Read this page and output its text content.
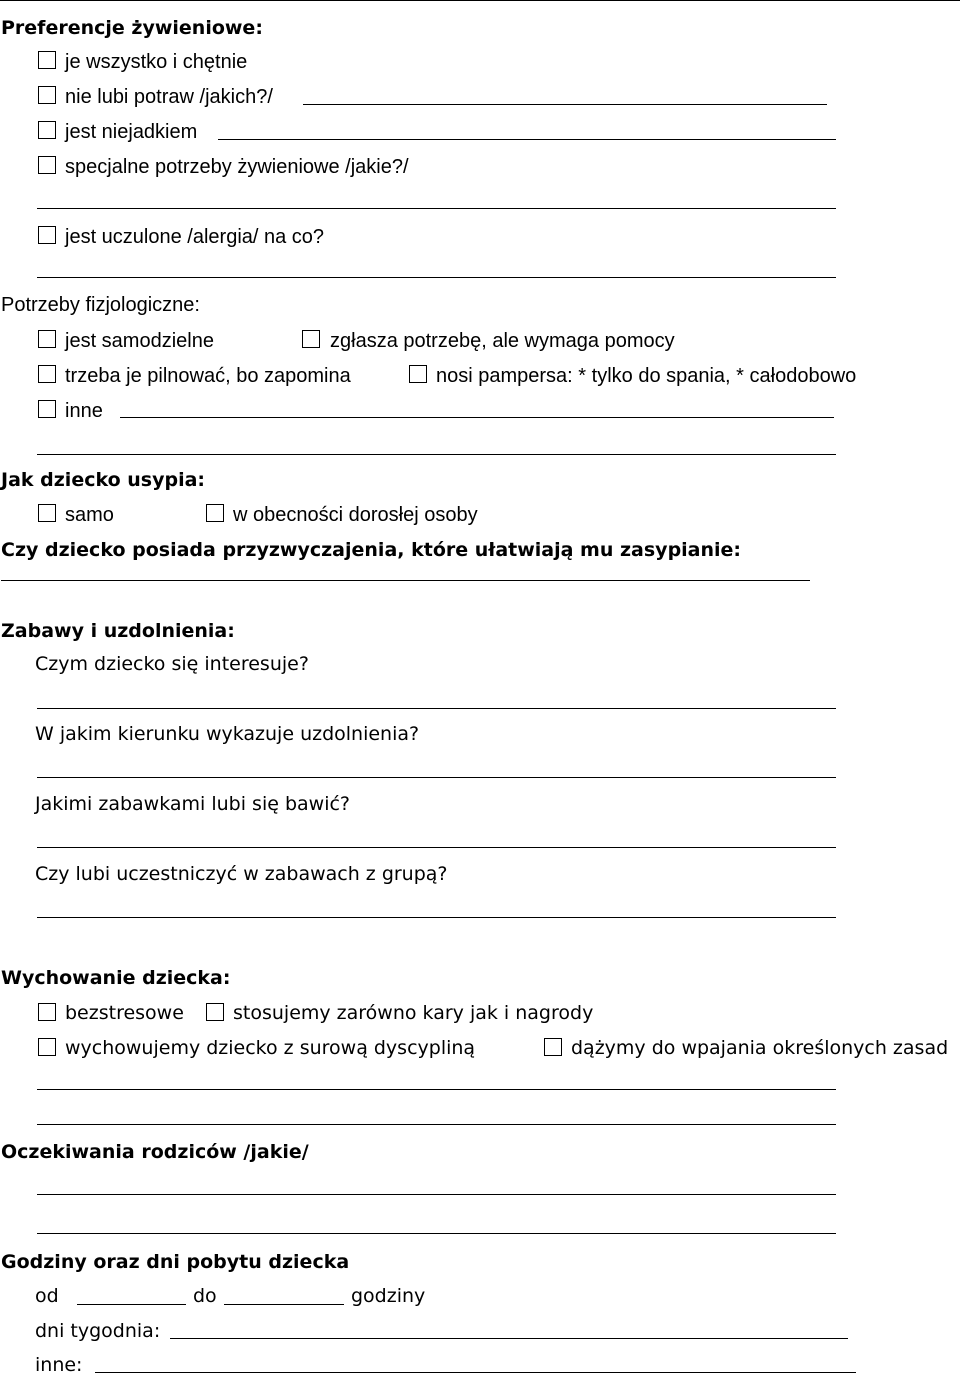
Preferencje żywieniowe:
je wszystko i chętnie
nie lubi potraw /jakich?/
jest niejadkiem
specjalne potrzeby żywieniowe /jakie?/
jest uczulone /alergia/ na co?
Potrzeby fizjologiczne:
jest samodzielne	zgłasza potrzebę, ale wymaga pomocy
trzeba je pilnować, bo zapomina	nosi pampersa: * tylko do spania, * całodobowo
inne
Jak dziecko usypia:
samo	w obecności dorosłej osoby
Czy dziecko posiada przyzwyczajenia, które ułatwiają mu zasypianie:
Zabawy i uzdolnienia:
Czym dziecko się interesuje?
W jakim kierunku wykazuje uzdolnienia?
Jakimi zabawkami lubi się bawić?
Czy lubi uczestniczyć w zabawach z grupą?
Wychowanie dziecka:
bezstresowe	stosujemy zarówno kary jak i nagrody
wychowujemy dziecko z surową dyscypliną	dążymy do wpajania określonych zasad
Oczekiwania rodziców /jakie/
Godziny oraz dni pobytu dziecka
od	do	godziny
dni tygodnia:
inne:
